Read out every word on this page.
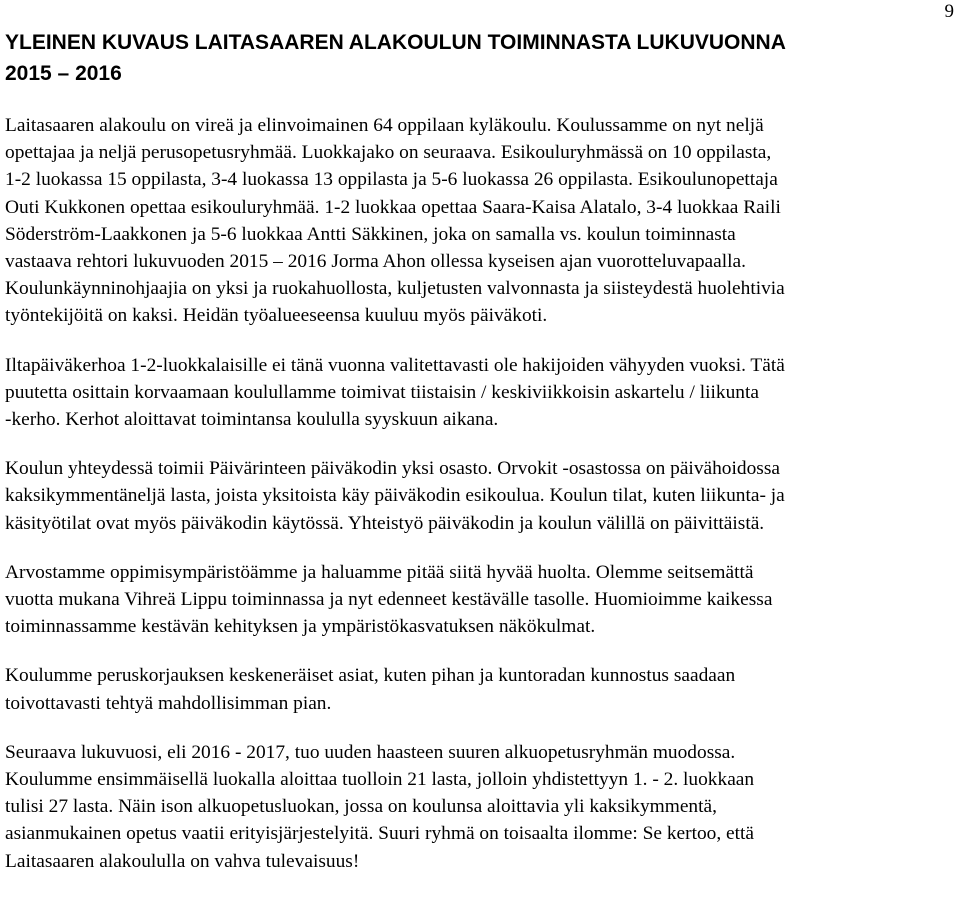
9
YLEINEN KUVAUS LAITASAAREN ALAKOULUN TOIMINNASTA LUKUVUONNA
2015 – 2016

Laitasaaren alakoulu on vireä ja elinvoimainen 64 oppilaan kyläkoulu. Koulussamme on nyt neljä
opettajaa ja neljä perusopetusryhmää. Luokkajako on seuraava. Esikouluryhmässä on 10 oppilasta,
1-2 luokassa 15 oppilasta, 3-4 luokassa 13 oppilasta ja 5-6 luokassa 26 oppilasta. Esikoulunopettaja
Outi Kukkonen opettaa esikouluryhmää. 1-2 luokkaa opettaa Saara-Kaisa Alatalo, 3-4 luokkaa Raili
Söderström-Laakkonen ja 5-6 luokkaa Antti Säkkinen, joka on samalla vs. koulun toiminnasta
vastaava rehtori lukuvuoden 2015 – 2016 Jorma Ahon ollessa kyseisen ajan vuorotteluvapaalla.
Koulunkäynninohjaajia on yksi ja ruokahuollosta, kuljetusten valvonnasta ja siisteydestä huolehtivia
työntekijöitä on kaksi. Heidän työalueeseensa kuuluu myös päiväkoti.

Iltapäiväkerhoa 1-2-luokkalaisille ei tänä vuonna valitettavasti ole hakijoiden vähyyden vuoksi. Tätä
puutetta osittain korvaamaan koulullamme toimivat tiistaisin / keskiviikkoisin askartelu / liikunta
-kerho. Kerhot aloittavat toimintansa koululla syyskuun aikana.

Koulun yhteydessä toimii Päivärinteen päiväkodin yksi osasto. Orvokit -osastossa on päivähoidossa
kaksikymmentäneljä lasta, joista yksitoista käy päiväkodin esikoulua. Koulun tilat, kuten liikunta- ja
käsityötilat ovat myös päiväkodin käytössä. Yhteistyö päiväkodin ja koulun välillä on päivittäistä.

Arvostamme oppimisympäristöämme ja haluamme pitää siitä hyvää huolta. Olemme seitsemättä
vuotta mukana Vihreä Lippu toiminnassa ja nyt edenneet kestävälle tasolle. Huomioimme kaikessa
toiminnassamme kestävän kehityksen ja ympäristökasvatuksen näkökulmat.

Koulumme peruskorjauksen keskeneräiset asiat, kuten pihan ja kuntoradan kunnostus saadaan
toivottavasti tehtyä mahdollisimman pian.

Seuraava lukuvuosi, eli 2016 - 2017, tuo uuden haasteen suuren alkuopetusryhmän muodossa.
Koulumme ensimmäisellä luokalla aloittaa tuolloin 21 lasta, jolloin yhdistettyyn 1. - 2. luokkaan
tulisi 27 lasta. Näin ison alkuopetusluokan, jossa on koulunsa aloittavia yli kaksikymmentä,
asianmukainen opetus vaatii erityisjärjestelyitä. Suuri ryhmä on toisaalta ilomme: Se kertoo, että
Laitasaaren alakoululla on vahva tulevaisuus!
